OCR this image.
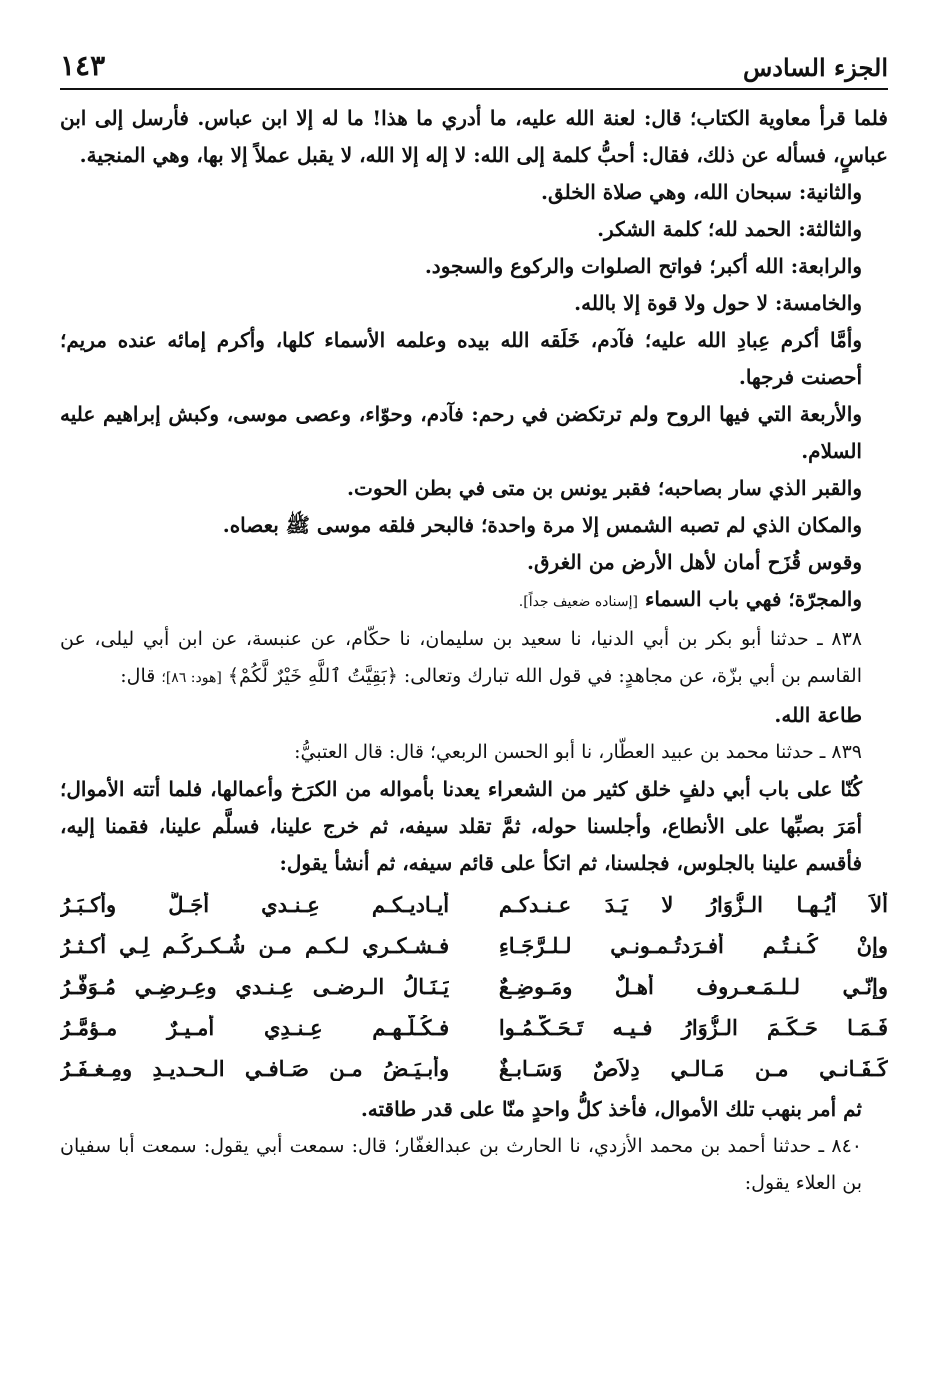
١٤٣	الجزء السادس

فلما قرأ معاوية الكتاب؛ قال: لعنة الله عليه، ما أدري ما هذا! ما له إلا ابن عباس. فأرسل إلى ابن عباسٍ، فسأله عن ذلك، فقال: أحبُّ كلمة إلى الله: لا إله إلا الله، لا يقبل عملاً إلا بها، وهي المنجية.

والثانية: سبحان الله، وهي صلاة الخلق.

والثالثة: الحمد لله؛ كلمة الشكر.

والرابعة: الله أكبر؛ فواتح الصلوات والركوع والسجود.

والخامسة: لا حول ولا قوة إلا بالله.

وأمَّا أكرم عِبادِ الله عليه؛ فآدم، خَلَقه الله بيده وعلمه الأسماء كلها، وأكرم إمائه عنده مريم؛ أحصنت فرجها.

والأربعة التي فيها الروح ولم ترتكضن في رحم: فآدم، وحوّاء، وعصى موسى، وكبش إبراهيم عليه السلام.

والقبر الذي سار بصاحبه؛ فقبر يونس بن متى في بطن الحوت.

والمكان الذي لم تصبه الشمس إلا مرة واحدة؛ فالبحر فلقه موسى ﷺ بعصاه.

وقوس قُزَح أمان لأهل الأرض من الغرق.

والمجرّة؛ فهي باب السماء [إسناده ضعيف جداً].

٨٣٨ ـ حدثنا أبو بكر بن أبي الدنيا، نا سعيد بن سليمان، نا حكّام، عن عنبسة، عن ابن أبي ليلى، عن القاسم بن أبي بزّة، عن مجاهدٍ: في قول الله تبارك وتعالى: ﴿بَقِيَّتُ ٱللَّهِ خَيْرٌ لَّكُمْ﴾ [هود: ٨٦]؛ قال:

طاعة الله.

٨٣٩ ـ حدثنا محمد بن عبيد العطّار، نا أبو الحسن الربعي؛ قال: قال العتبيُّ:

كُنّا على باب أبي دلفٍ خلق كثير من الشعراء يعدنا بأمواله من الكرَخ وأعمالها، فلما أتته الأموال؛ أمَرَ بصبِّها على الأنطاع، وأجلسنا حوله، ثمَّ تقلد سيفه، ثم خرج علينا، فسلَّم علينا، فقمنا إليه، فأقسم علينا بالجلوس، فجلسنا، ثم اتكأ على قائم سيفه، ثم أنشأ يقول:

ألاَ أيُـهـا الـزُّوَارُ لا يَـدَ عـنـدكـم
أيـاديـكـم عِـنـدي أجَـلُّ وأكـبَـرُ
وإنْ كُـنـتُـم أفـرَدتُـمـونـي لـلـرَّجَـاءِ
فـشـكـري لـكـم مـن شُـكـرِكُـم لِـي أكـثـرُ
وإنّـي لـلـمَـعـروف أهـلٌ ومَـوضِـعٌ
يَـنَـالُ الـرضـى عِـنـدي وعِـرضِـي مُـوَفَّـرُ
فَـمَـا حَـكَـمَ الـزُّوَارُ فـيـه تَـحَـكَّـمُـوا
فـكُـلُّـهـم عِـنـدِي أمـيـرٌ مـؤمَّـرُ
كَـفَـانـي مـن مَـالـي دِلاَصٌ وَسَـابـغٌ
وأبـيَـضُ مـن صَـافـي الـحـديـدِ ومِـغـفَـرُ

ثم أمر بنهب تلك الأموال، فأخذ كلُّ واحدٍ منّا على قدر طاقته.

٨٤٠ ـ حدثنا أحمد بن محمد الأزدي، نا الحارث بن عبدالغفّار؛ قال: سمعت أبي يقول: سمعت أبا سفيان بن العلاء يقول:
